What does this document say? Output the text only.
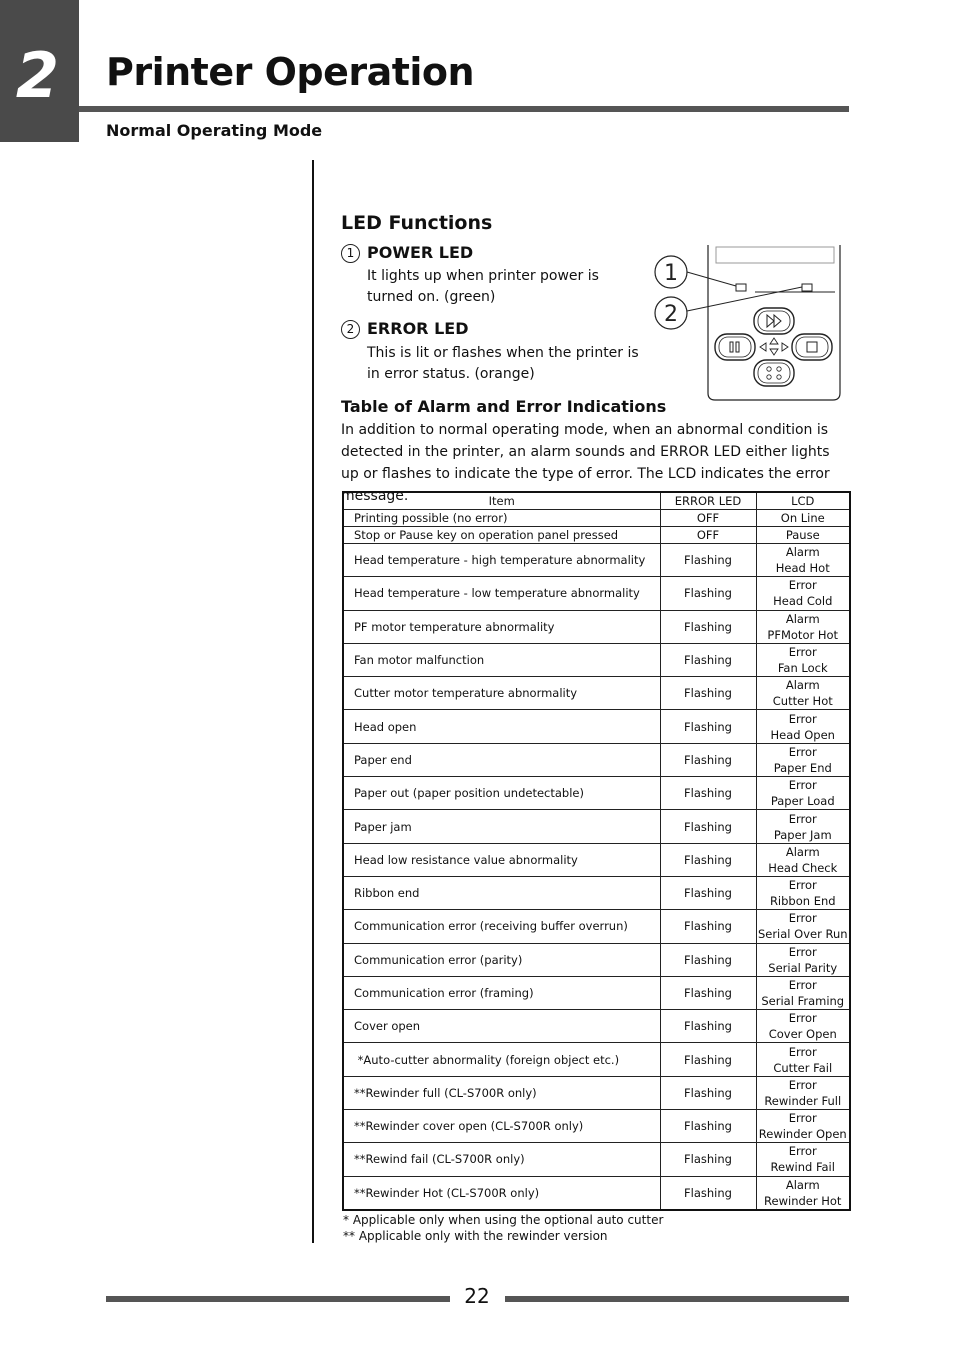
2	Printer Operation
Normal Operating Mode
LED Functions
1 POWER LED
It lights up when printer power is turned on. (green)
2 ERROR LED
This is lit or flashes when the printer is in error status. (orange)
1
2
Table of Alarm and Error Indications
In addition to normal operating mode, when an abnormal condition is detected in the printer, an alarm sounds and ERROR LED either lights up or flashes to indicate the type of error. The LCD indicates the error message.	Item	ERROR LED	LCD
Printing possible (no error)	OFF	On Line

Stop or Pause key on operation panel pressed	OFF	Pause

Head temperature - high temperature abnormality	Flashing	Alarm
Head Hot

Head temperature - low temperature abnormality	Flashing	Error
Head Cold

PF motor temperature abnormality	Flashing	Alarm
PFMotor Hot

Fan motor malfunction	Flashing	Error
Fan Lock

Cutter motor temperature abnormality	Flashing	Alarm
Cutter Hot

Head open	Flashing	Error
Head Open

Paper end	Flashing	Error
Paper End

Paper out (paper position undetectable)	Flashing	Error
Paper Load

Paper jam	Flashing	Error
Paper Jam

Head low resistance value abnormality	Flashing	Alarm
Head Check

Ribbon end	Flashing	Error
Ribbon End

Communication error (receiving buffer overrun)	Flashing	Error
Serial Over Run

Communication error (parity)	Flashing	Error
Serial Parity

Communication error (framing)	Flashing	Error
Serial Framing

Cover open	Flashing	Error
Cover Open

*Auto-cutter abnormality (foreign object etc.)	Flashing	Error
Cutter Fail

**Rewinder full (CL-S700R only)	Flashing	Error
Rewinder Full

**Rewinder cover open (CL-S700R only)	Flashing	Error
Rewinder Open

**Rewind fail (CL-S700R only)	Flashing	Error
Rewind Fail

**Rewinder Hot (CL-S700R only)	Flashing	Alarm
Rewinder Hot
* Applicable only when using the optional auto cutter
** Applicable only with the rewinder version
22
